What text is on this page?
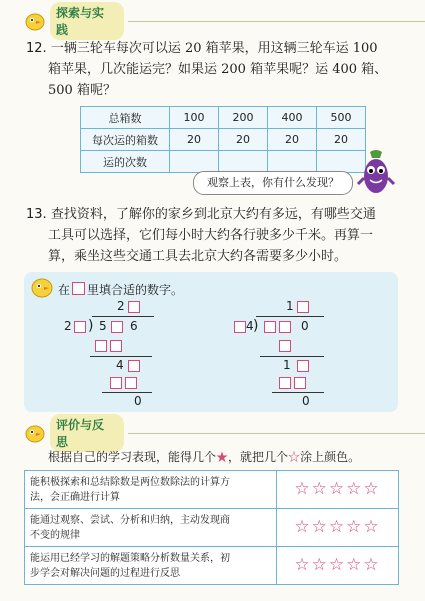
探索与实践
12. 一辆三轮车每次可以运 20 箱苹果，用这辆三轮车运 100
箱苹果，几次能运完？如果运 200 箱苹果呢？运 400 箱、
500 箱呢？
总箱数	100	200	400	500
每次运的箱数	20	20	20	20
运的次数				
观察上表，你有什么发现？
13. 查找资料，了解你的家乡到北京大约有多远，有哪些交通
工具可以选择，它们每小时大约各行驶多少千米。再算一
算，乘坐这些交通工具去北京大约各需要多少小时。
在 里填合适的数字。
2
2 ) 5 6
4
0
1
4 )	0
1
0
评价与反思
根据自己的学习表现，能得几个★，就把几个☆涂上颜色。
能积极探索和总结除数是两位数除法的计算方
法，会正确进行计算	☆☆☆☆☆

能通过观察、尝试、分析和归纳，主动发现商
不变的规律	☆☆☆☆☆

能运用已经学习的解题策略分析数量关系，初
步学会对解决问题的过程进行反思	☆☆☆☆☆
